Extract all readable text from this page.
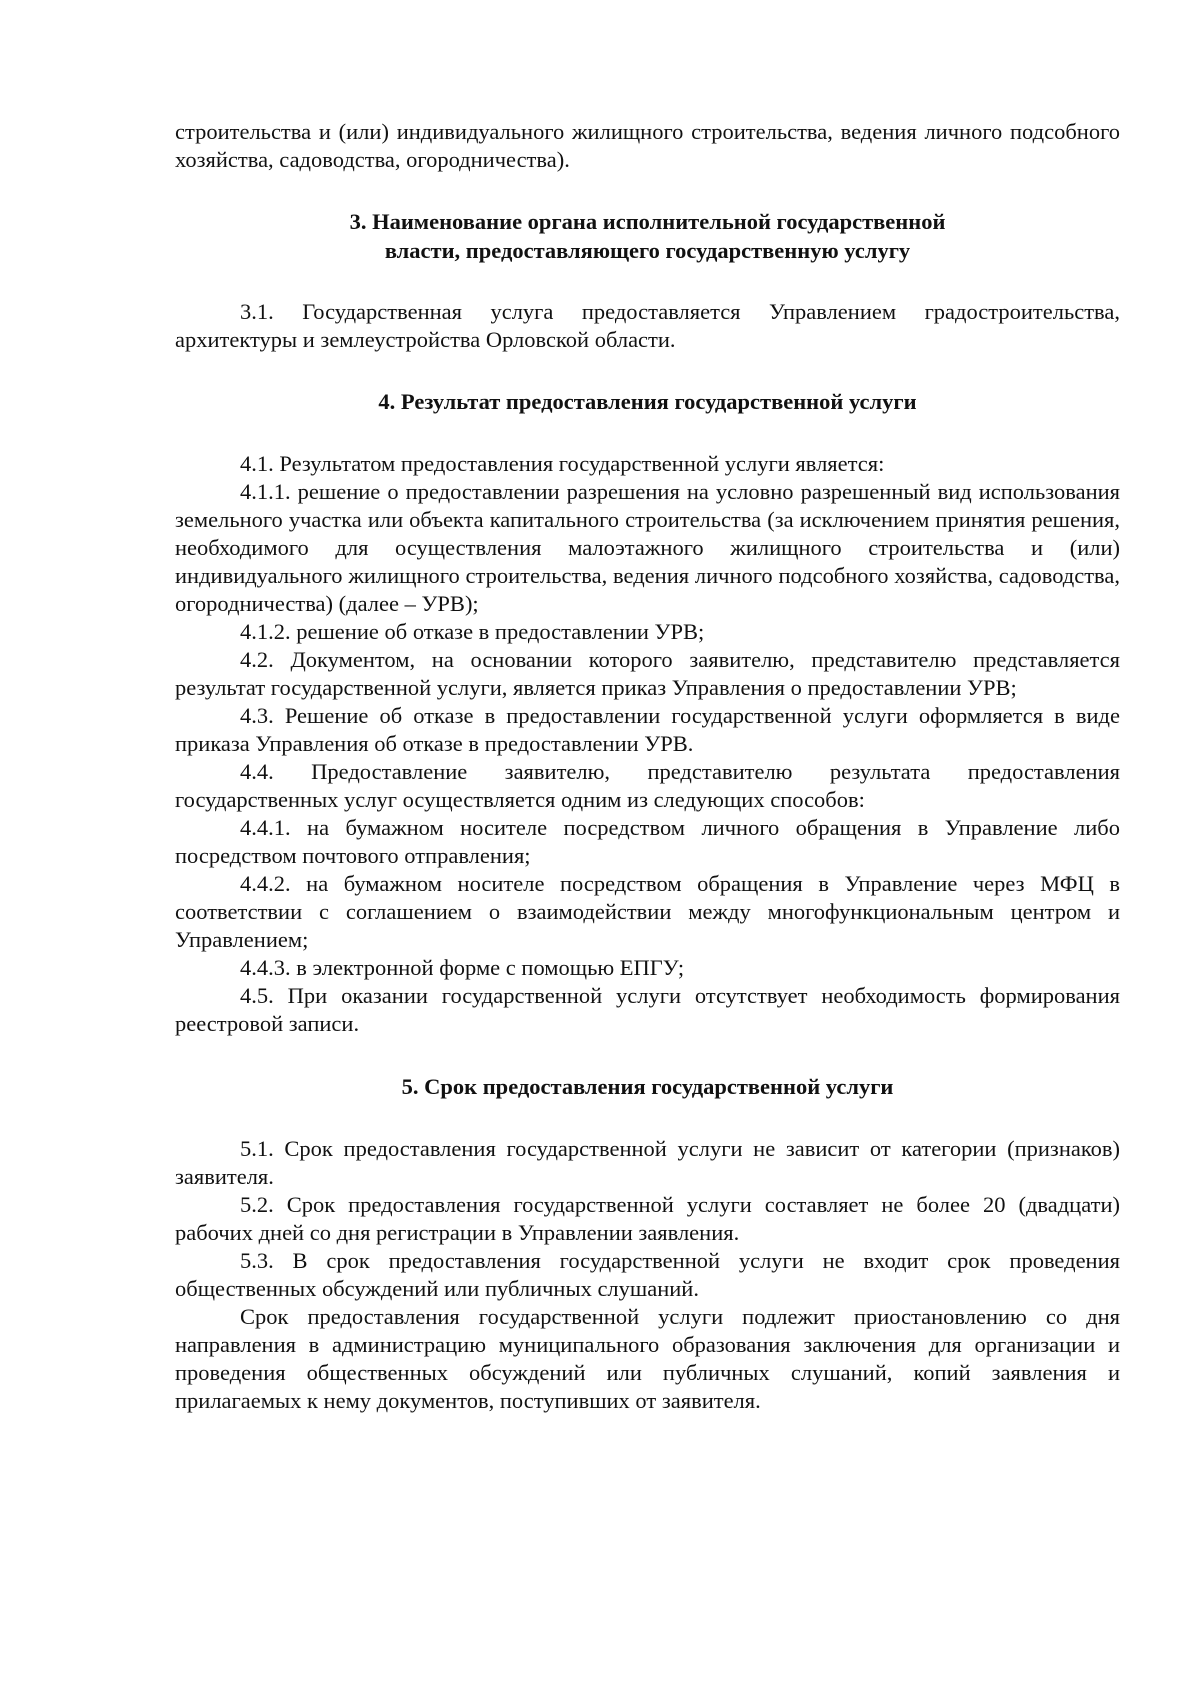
строительства и (или) индивидуального жилищного строительства, ведения личного подсобного хозяйства, садоводства, огородничества).

3. Наименование органа исполнительной государственной
власти, предоставляющего государственную услугу

3.1. Государственная услуга предоставляется Управлением градостроительства, архитектуры и землеустройства Орловской области.

4. Результат предоставления государственной услуги

4.1. Результатом предоставления государственной услуги является:

4.1.1. решение о предоставлении разрешения на условно разрешенный вид использования земельного участка или объекта капитального строительства (за исключением принятия решения, необходимого для осуществления малоэтажного жилищного строительства и (или) индивидуального жилищного строительства, ведения личного подсобного хозяйства, садоводства, огородничества) (далее – УРВ);

4.1.2. решение об отказе в предоставлении УРВ;

4.2. Документом, на основании которого заявителю, представителю представляется результат государственной услуги, является приказ Управления о предоставлении УРВ;

4.3. Решение об отказе в предоставлении государственной услуги оформляется в виде приказа Управления об отказе в предоставлении УРВ.

4.4. Предоставление заявителю, представителю результата предоставления государственных услуг осуществляется одним из следующих способов:

4.4.1. на бумажном носителе посредством личного обращения в Управление либо посредством почтового отправления;

4.4.2. на бумажном носителе посредством обращения в Управление через МФЦ в соответствии с соглашением о взаимодействии между многофункциональным центром и Управлением;

4.4.3. в электронной форме с помощью ЕПГУ;

4.5. При оказании государственной услуги отсутствует необходимость формирования реестровой записи.

5. Срок предоставления государственной услуги

5.1. Срок предоставления государственной услуги не зависит от категории (признаков) заявителя.

5.2. Срок предоставления государственной услуги составляет не более 20 (двадцати) рабочих дней со дня регистрации в Управлении заявления.

5.3. В срок предоставления государственной услуги не входит срок проведения общественных обсуждений или публичных слушаний.

Срок предоставления государственной услуги подлежит приостановлению со дня направления в администрацию муниципального образования заключения для организации и проведения общественных обсуждений или публичных слушаний, копий заявления и прилагаемых к нему документов, поступивших от заявителя.
